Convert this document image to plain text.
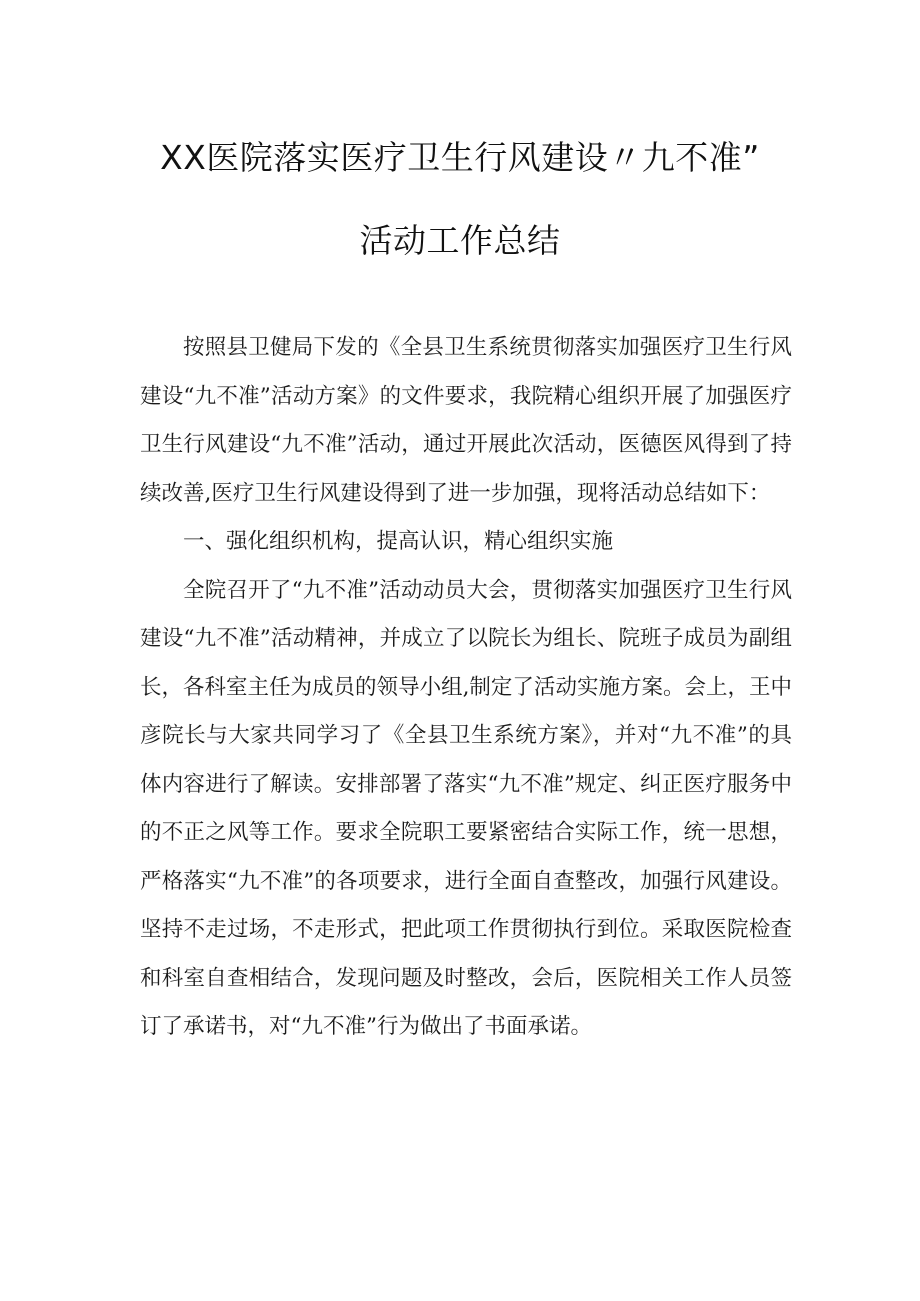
XX医院落实医疗卫生行风建设〃九不准”
活动工作总结

按照县卫健局下发的《全县卫生系统贯彻落实加强医疗卫生行风建设“九不准”活动方案》的文件要求，我院精心组织开展了加强医疗卫生行风建设“九不准”活动，通过开展此次活动，医德医风得到了持续改善,医疗卫生行风建设得到了进一步加强，现将活动总结如下：

一、强化组织机构，提高认识，精心组织实施

全院召开了“九不准”活动动员大会，贯彻落实加强医疗卫生行风建设“九不准”活动精神，并成立了以院长为组长、院班子成员为副组长，各科室主任为成员的领导小组,制定了活动实施方案。会上，王中彦院长与大家共同学习了《全县卫生系统方案》，并对“九不准”的具体内容进行了解读。安排部署了落实“九不准”规定、纠正医疗服务中的不正之风等工作。要求全院职工要紧密结合实际工作，统一思想，严格落实“九不准”的各项要求，进行全面自查整改，加强行风建设。坚持不走过场，不走形式，把此项工作贯彻执行到位。采取医院检查和科室自查相结合，发现问题及时整改，会后，医院相关工作人员签订了承诺书，对“九不准”行为做出了书面承诺。
